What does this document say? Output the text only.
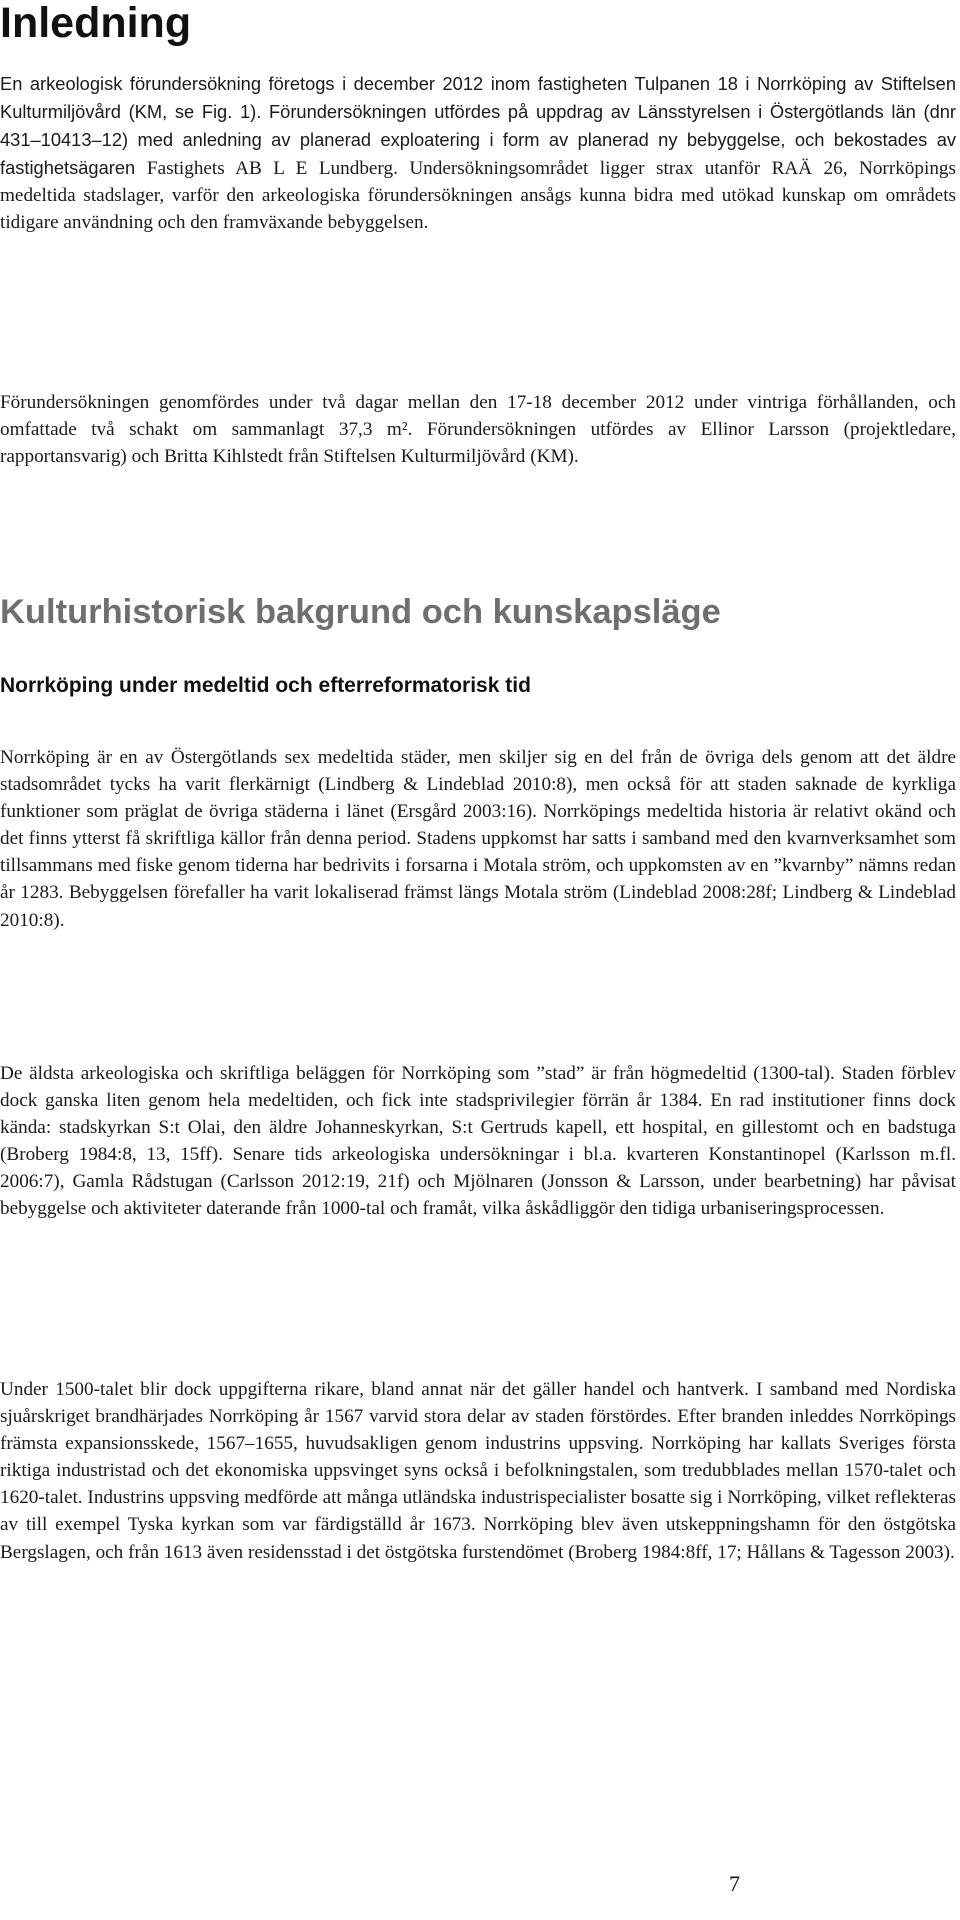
Inledning

En arkeologisk förundersökning företogs i december 2012 inom fastigheten Tulpanen 18 i Norrköping av Stiftelsen Kulturmiljövård (KM, se Fig. 1). Förundersökningen utfördes på uppdrag av Länsstyrelsen i Östergötlands län (dnr 431–10413–12) med anledning av planerad exploatering i form av planerad ny bebyggelse, och bekostades av fastighetsägaren Fastighets AB L E Lundberg. Undersökningsområdet ligger strax utanför RAÄ 26, Norrköpings medeltida stadslager, varför den arkeologiska förundersökningen ansågs kunna bidra med utökad kunskap om områdets tidigare användning och den framväxande bebyggelsen.

Förundersökningen genomfördes under två dagar mellan den 17-18 december 2012 under vintriga förhållanden, och omfattade två schakt om sammanlagt 37,3 m². Förundersökningen utfördes av Ellinor Larsson (projektledare, rapportansvarig) och Britta Kihlstedt från Stiftelsen Kulturmiljövård (KM).

Kulturhistorisk bakgrund och kunskapsläge
Norrköping under medeltid och efterreformatorisk tid

Norrköping är en av Östergötlands sex medeltida städer, men skiljer sig en del från de övriga dels genom att det äldre stadsområdet tycks ha varit flerkärnigt (Lindberg & Lindeblad 2010:8), men också för att staden saknade de kyrkliga funktioner som präglat de övriga städerna i länet (Ersgård 2003:16). Norrköpings medeltida historia är relativt okänd och det finns ytterst få skriftliga källor från denna period. Stadens uppkomst har satts i samband med den kvarnverksamhet som tillsammans med fiske genom tiderna har bedrivits i forsarna i Motala ström, och uppkomsten av en ”kvarnby” nämns redan år 1283. Bebyggelsen förefaller ha varit lokaliserad främst längs Motala ström (Lindeblad 2008:28f; Lindberg & Lindeblad 2010:8).

De äldsta arkeologiska och skriftliga beläggen för Norrköping som ”stad” är från högmedeltid (1300-tal). Staden förblev dock ganska liten genom hela medeltiden, och fick inte stadsprivilegier förrän år 1384. En rad institutioner finns dock kända: stadskyrkan S:t Olai, den äldre Johanneskyrkan, S:t Gertruds kapell, ett hospital, en gillestomt och en badstuga (Broberg 1984:8, 13, 15ff). Senare tids arkeologiska undersökningar i bl.a. kvarteren Konstantinopel (Karlsson m.fl. 2006:7), Gamla Rådstugan (Carlsson 2012:19, 21f) och Mjölnaren (Jonsson & Larsson, under bearbetning) har påvisat bebyggelse och aktiviteter daterande från 1000-tal och framåt, vilka åskådliggör den tidiga urbaniseringsprocessen.

Under 1500-talet blir dock uppgifterna rikare, bland annat när det gäller handel och hantverk. I samband med Nordiska sjuårskriget brandhärjades Norrköping år 1567 varvid stora delar av staden förstördes. Efter branden inleddes Norrköpings främsta expansionsskede, 1567–1655, huvudsakligen genom industrins uppsving. Norrköping har kallats Sveriges första riktiga industristad och det ekonomiska uppsvinget syns också i befolkningstalen, som tredubblades mellan 1570-talet och 1620-talet. Industrins uppsving medförde att många utländska industrispecialister bosatte sig i Norrköping, vilket reflekteras av till exempel Tyska kyrkan som var färdigställd år 1673. Norrköping blev även utskeppningshamn för den östgötska Bergslagen, och från 1613 även residensstad i det östgötska furstendömet (Broberg 1984:8ff, 17; Hållans & Tagesson 2003).

7
